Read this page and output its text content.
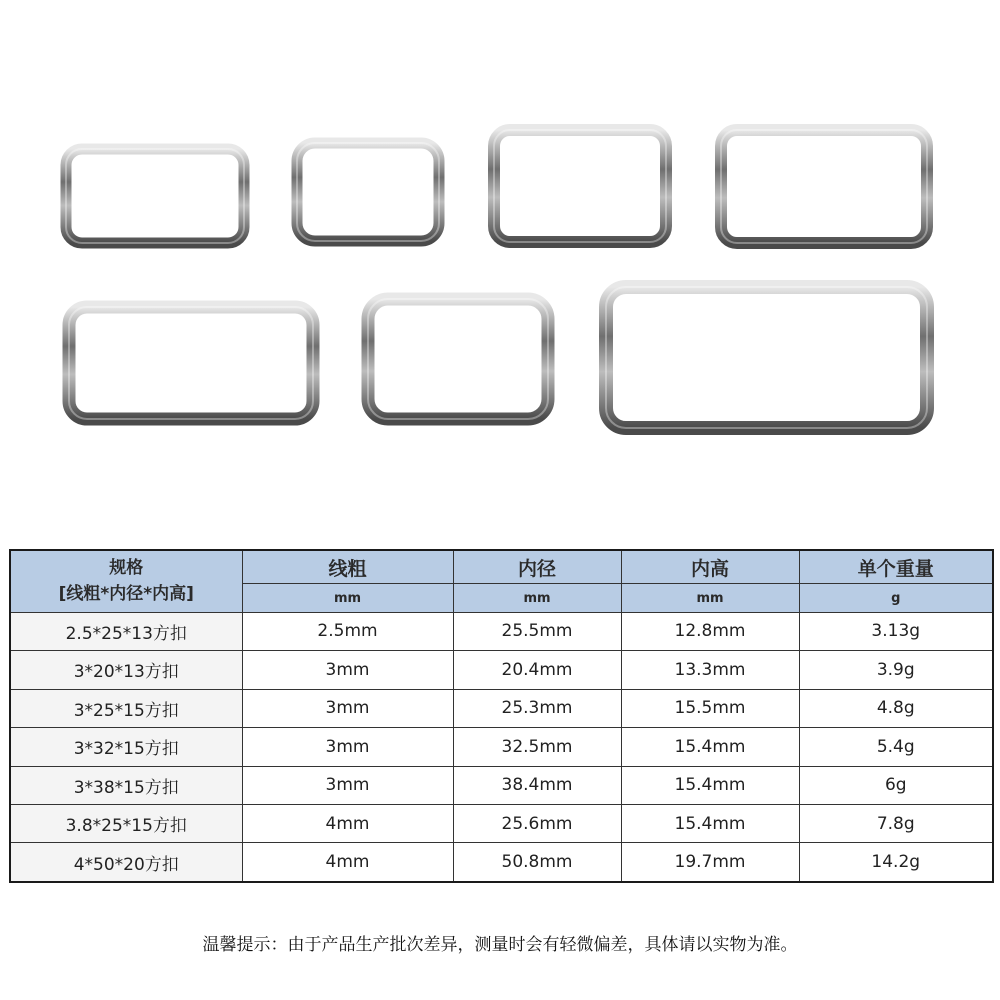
规格
[线粗*内径*内高]	线粗	内径	内高	单个重量
	mm	mm	mm	g
2.5*25*13方扣	2.5mm	25.5mm	12.8mm	3.13g
3*20*13方扣	3mm	20.4mm	13.3mm	3.9g
3*25*15方扣	3mm	25.3mm	15.5mm	4.8g
3*32*15方扣	3mm	32.5mm	15.4mm	5.4g
3*38*15方扣	3mm	38.4mm	15.4mm	6g
3.8*25*15方扣	4mm	25.6mm	15.4mm	7.8g
4*50*20方扣	4mm	50.8mm	19.7mm	14.2g
温馨提示：由于产品生产批次差异，测量时会有轻微偏差，具体请以实物为准。
